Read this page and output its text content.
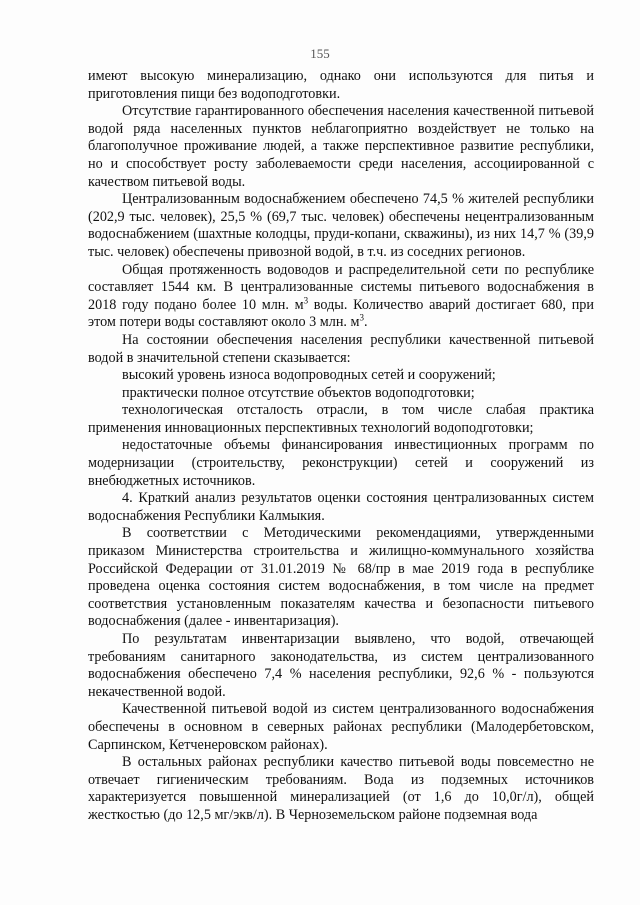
155

имеют высокую минерализацию, однако они используются для питья и приготовления пищи без водоподготовки.

Отсутствие гарантированного обеспечения населения качественной питьевой водой ряда населенных пунктов неблагоприятно воздействует не только на благополучное проживание людей, а также перспективное развитие республики, но и способствует росту заболеваемости среди населения, ассоциированной с качеством питьевой воды.

Централизованным водоснабжением обеспечено 74,5 % жителей республики (202,9 тыс. человек), 25,5 % (69,7 тыс. человек) обеспечены нецентрализованным водоснабжением (шахтные колодцы, пруди-копани, скважины), из них 14,7 % (39,9 тыс. человек) обеспечены привозной водой, в т.ч. из соседних регионов.

Общая протяженность водоводов и распределительной сети по республике составляет 1544 км. В централизованные системы питьевого водоснабжения в 2018 году подано более 10 млн. $м^3$ воды. Количество аварий достигает 680, при этом потери воды составляют около 3 млн. $м^3$.

На состоянии обеспечения населения республики качественной питьевой водой в значительной степени сказывается:

высокий уровень износа водопроводных сетей и сооружений;

практически полное отсутствие объектов водоподготовки;

технологическая отсталость отрасли, в том числе слабая практика применения инновационных перспективных технологий водоподготовки;

недостаточные объемы финансирования инвестиционных программ по модернизации (строительству, реконструкции) сетей и сооружений из внебюджетных источников.

4. Краткий анализ результатов оценки состояния централизованных систем водоснабжения Республики Калмыкия.

В соответствии с Методическими рекомендациями, утвержденными приказом Министерства строительства и жилищно-коммунального хозяйства Российской Федерации от 31.01.2019 № 68/пр в мае 2019 года в республике проведена оценка состояния систем водоснабжения, в том числе на предмет соответствия установленным показателям качества и безопасности питьевого водоснабжения (далее - инвентаризация).

По результатам инвентаризации выявлено, что водой, отвечающей требованиям санитарного законодательства, из систем централизованного водоснабжения обеспечено 7,4 % населения республики, 92,6 % - пользуются некачественной водой.

Качественной питьевой водой из систем централизованного водоснабжения обеспечены в основном в северных районах республики (Малодербетовском, Сарпинском, Кетченеровском районах).

В остальных районах республики качество питьевой воды повсеместно не отвечает гигиеническим требованиям. Вода из подземных источников характеризуется повышенной минерализацией (от 1,6 до 10,0г/л), общей жесткостью (до 12,5 мг/экв/л). В Черноземельском районе подземная вода
